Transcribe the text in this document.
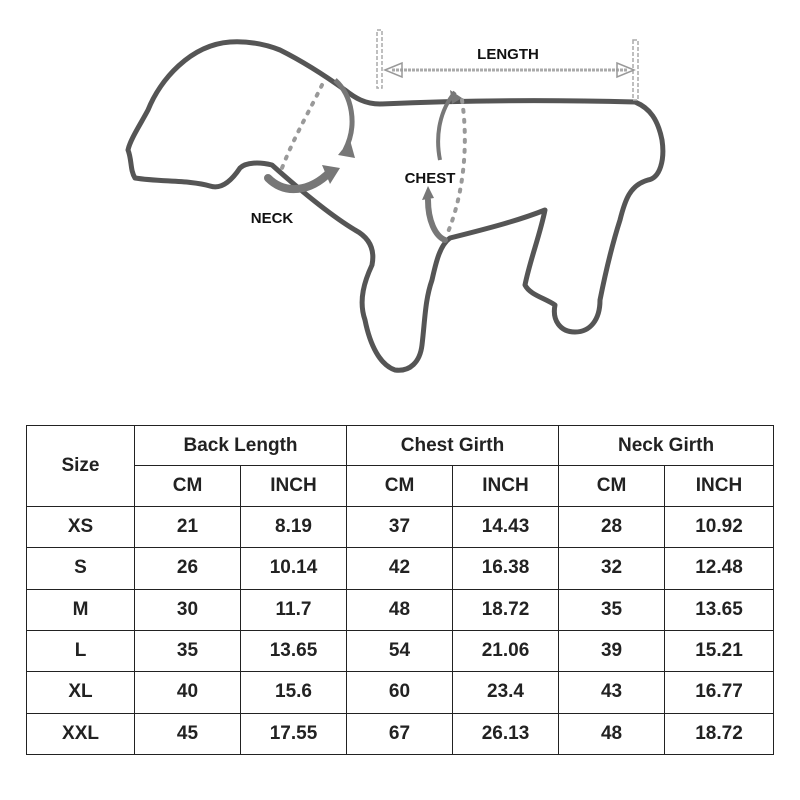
LENGTH
CHEST
NECK
Size	Back Length		Chest Girth		Neck Girth	
	CM	INCH	CM	INCH	CM	INCH
XS	21	8.19	37	14.43	28	10.92
S	26	10.14	42	16.38	32	12.48
M	30	11.7	48	18.72	35	13.65
L	35	13.65	54	21.06	39	15.21
XL	40	15.6	60	23.4	43	16.77
XXL	45	17.55	67	26.13	48	18.72
